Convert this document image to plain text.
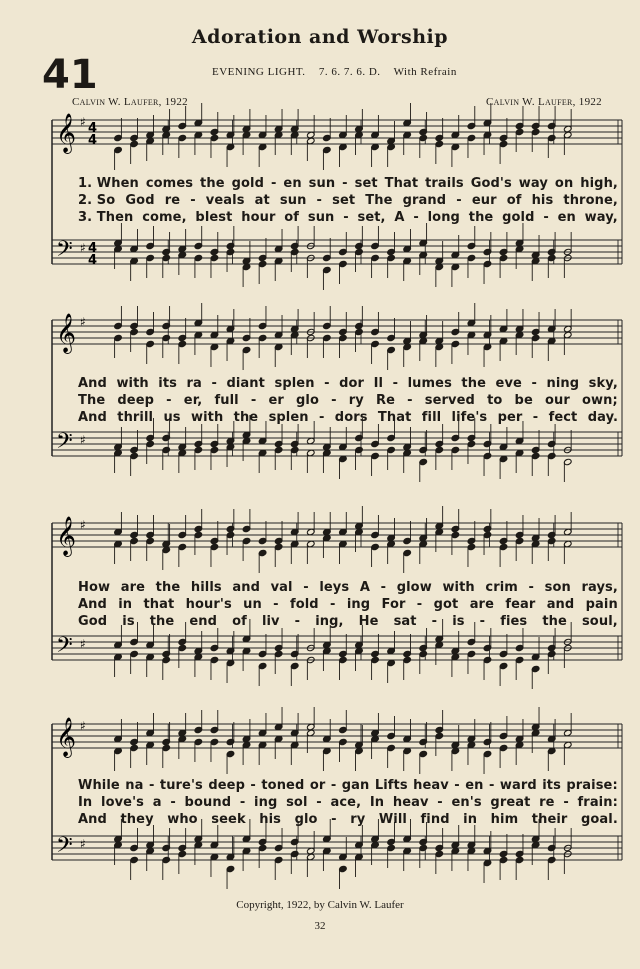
Adoration and Worship
41	EVENING LIGHT. 7. 6. 7. 6. D. With Refrain
Calvin W. Laufer, 1922	Calvin W. Laufer, 1922
𝄞
𝄢
♯
♯
4
4
4
4
𝄞
𝄢
♯
♯
𝄞
𝄢
♯
♯
𝄞
𝄢
♯
♯
1. When comes the gold - en sun - set That trails God's way on high,
2. So God re - veals at sun - set The grand - eur of his throne,
3. Then come, blest hour of sun - set, A - long the gold - en way,
And with its ra - diant splen - dor Il - lumes the eve - ning sky,
The deep - er, full - er glo - ry Re - served to be our own;
And thrill us with the splen - dors That fill life's per - fect day.
How are the hills and val - leys A - glow with crim - son rays,
And in that hour's un - fold - ing For - got are fear and pain
God is the end of liv - ing, He sat - is - fies the soul,
While na - ture's deep - toned or - gan Lifts heav - en - ward its praise:
In love's a - bound - ing sol - ace, In heav - en's great re - frain:
And they who seek his glo - ry Will find in him their goal.
Copyright, 1922, by Calvin W. Laufer
32
